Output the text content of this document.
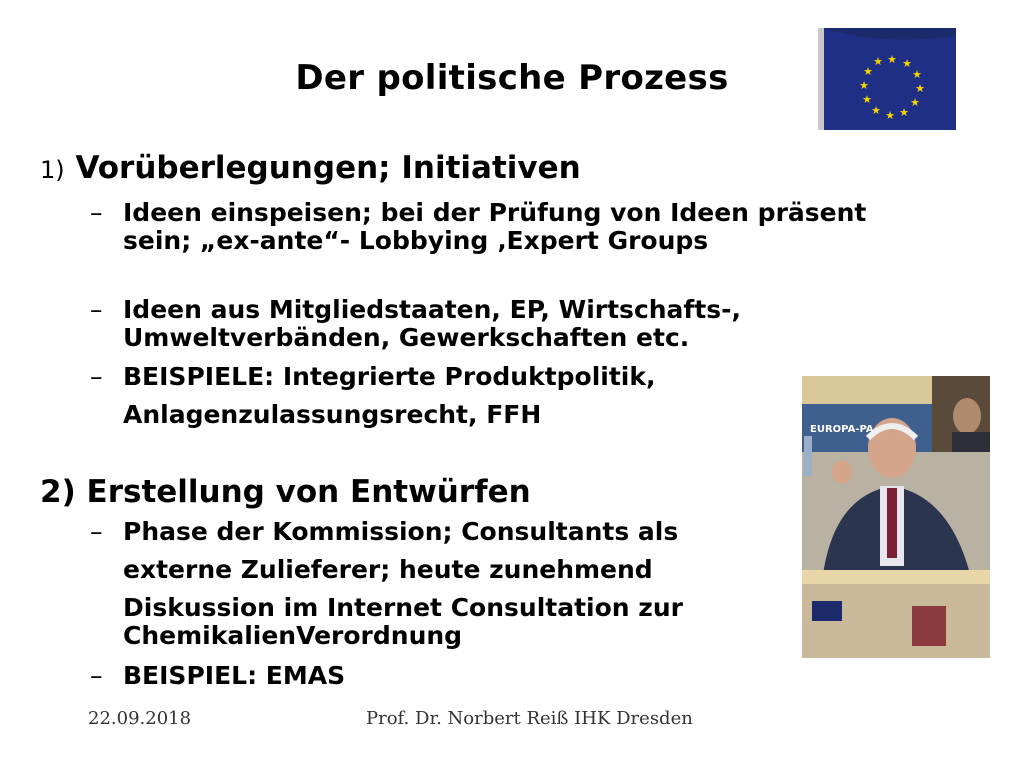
Der politische Prozess	★ ★
★
★
★
★
★
★
★
★
★
★
1) Vorüberlegungen; Initiativen
– Ideen einspeisen; bei der Prüfung von Ideen präsent sein; „ex-ante“- Lobbying ‚Expert Groups
– Ideen aus Mitgliedstaaten, EP, Wirtschafts-, Umweltverbänden, Gewerkschaften etc.
– BEISPIELE: Integrierte Produktpolitik,
Anlagenzulassungsrecht, FFH
2) Erstellung von Entwürfen
– Phase der Kommission; Consultants als
externe Zulieferer; heute zunehmend
Diskussion im Internet Consultation zur ChemikalienVerordnung
– BEISPIEL: EMAS
EUROPA-PA
22.09.2018	Prof. Dr. Norbert Reiß IHK Dresden
